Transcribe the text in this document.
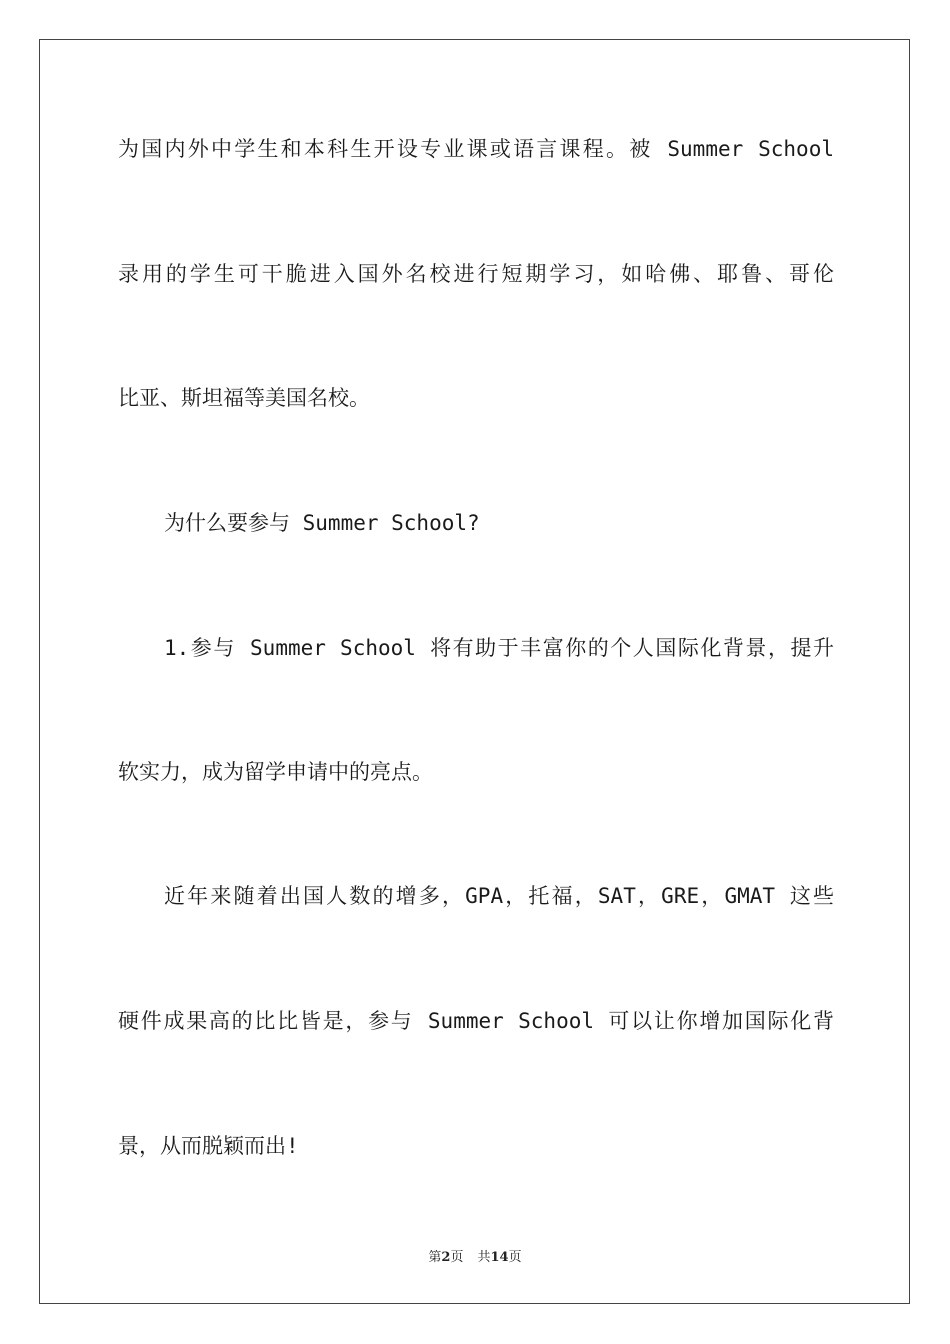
为国内外中学生和本科生开设专业课或语言课程。被 Summer School
录用的学生可干脆进入国外名校进行短期学习，如哈佛、耶鲁、哥伦
比亚、斯坦福等美国名校。
为什么要参与 Summer School?
1.参与 Summer School 将有助于丰富你的个人国际化背景，提升
软实力，成为留学申请中的亮点。
近年来随着出国人数的增多，GPA，托福，SAT，GRE，GMAT 这些
硬件成果高的比比皆是，参与 Summer School 可以让你增加国际化背
景，从而脱颖而出!
第2页 共14页
